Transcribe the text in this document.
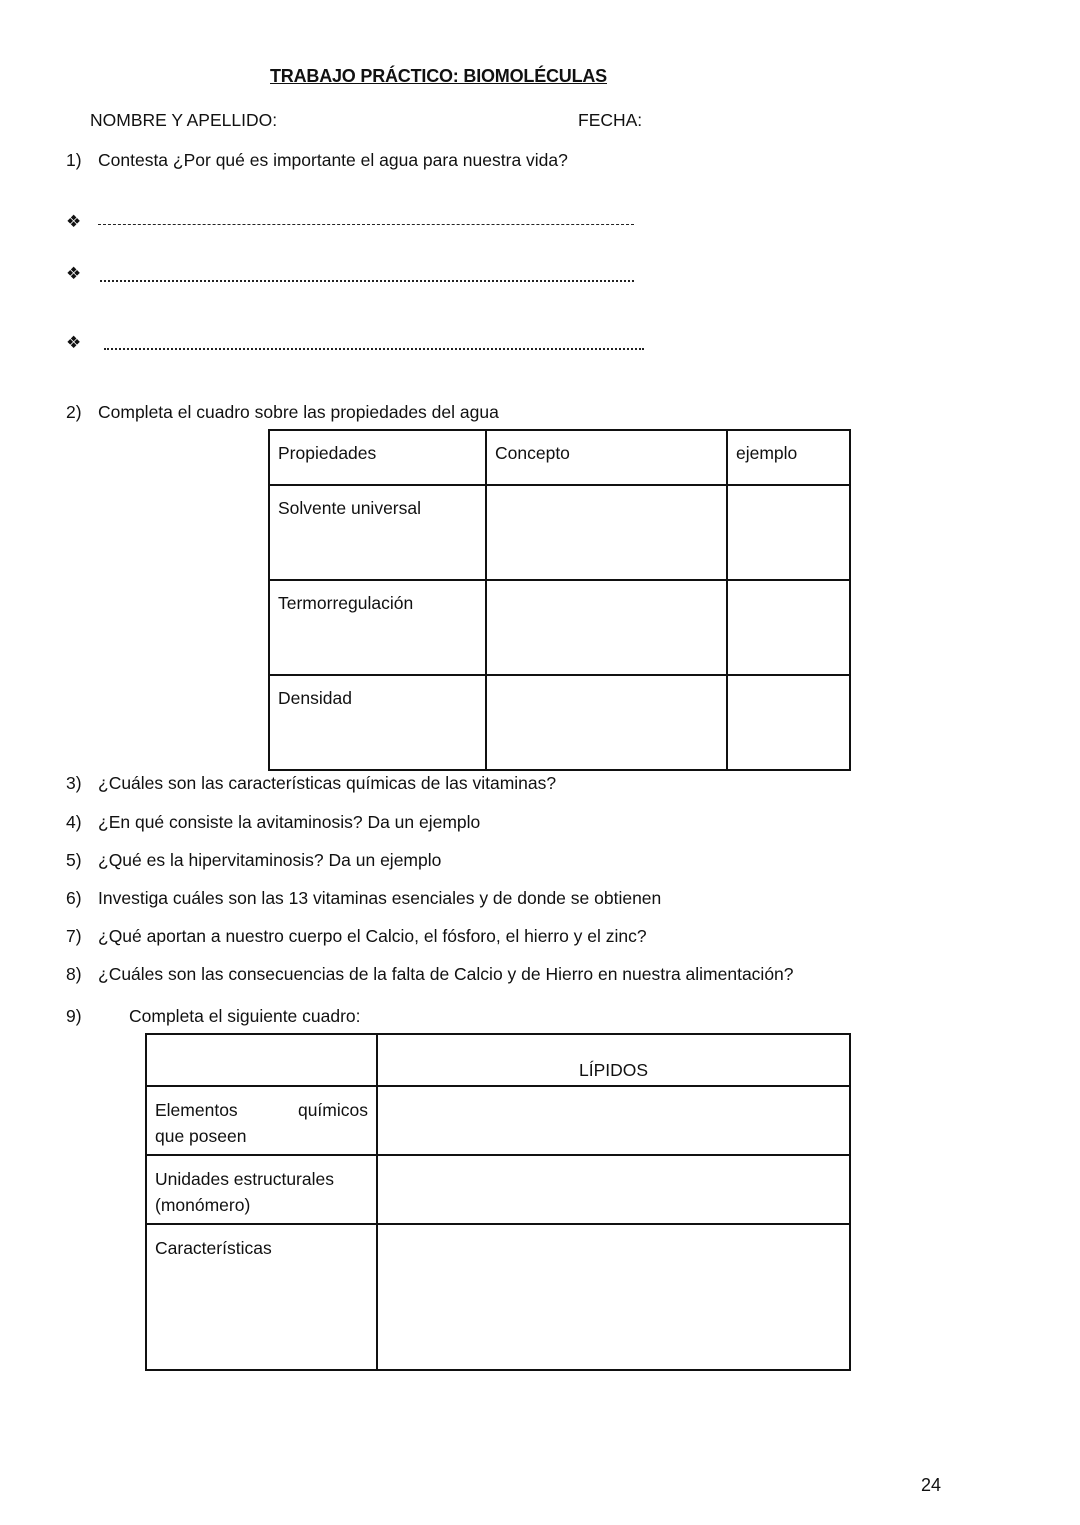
TRABAJO PRÁCTICO: BIOMOLÉCULAS
NOMBRE Y APELLIDO:	FECHA:
1) Contesta ¿Por qué es importante el agua para nuestra vida?
❖
❖
❖
2) Completa el cuadro sobre las propiedades del agua
Propiedades	Concepto	ejemplo
Solvente universal		
Termorregulación		
Densidad		
3) ¿Cuáles son las características químicas de las vitaminas?
4) ¿En qué consiste la avitaminosis? Da un ejemplo
5) ¿Qué es la hipervitaminosis? Da un ejemplo
6) Investiga cuáles son las 13 vitaminas esenciales y de donde se obtienen
7) ¿Qué aportan a nuestro cuerpo el Calcio, el fósforo, el hierro y el zinc?
8) ¿Cuáles son las consecuencias de la falta de Calcio y de Hierro en nuestra alimentación?
9)	Completa el siguiente cuadro:
	LÍPIDOS

Elementos químicos
que poseen	

Unidades estructurales
(monómero)	

Características	
24
